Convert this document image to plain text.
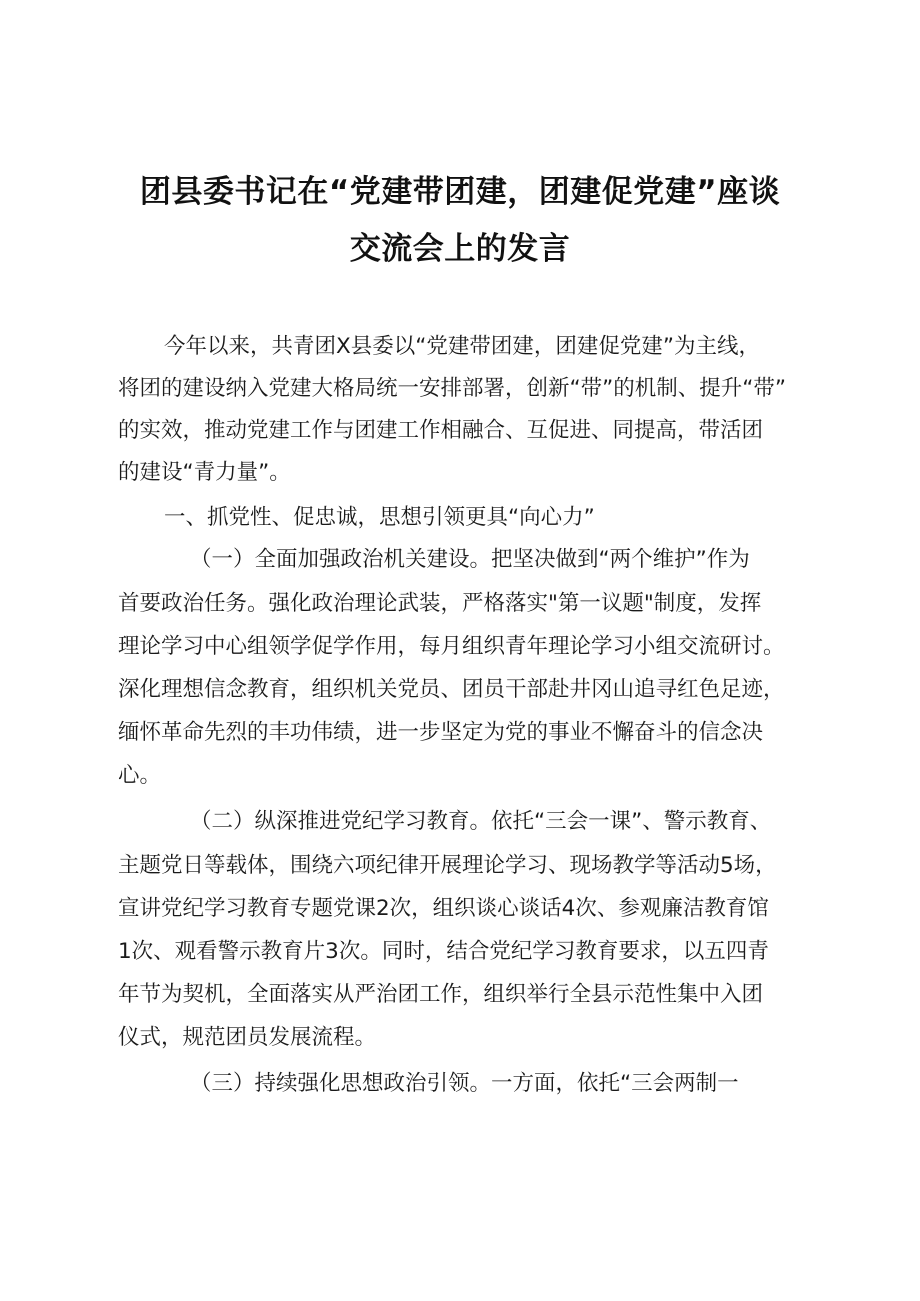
团县委书记在“党建带团建，团建促党建”座谈
交流会上的发言

今年以来，共青团X县委以“党建带团建，团建促党建”为主线，

将团的建设纳入党建大格局统一安排部署，创新“带”的机制、提升“带”

的实效，推动党建工作与团建工作相融合、互促进、同提高，带活团

的建设“青力量”。

一、抓党性、促忠诚，思想引领更具“向心力”

（一）全面加强政治机关建设。把坚决做到“两个维护”作为

首要政治任务。强化政治理论武装，严格落实"第一议题"制度，发挥

理论学习中心组领学促学作用，每月组织青年理论学习小组交流研讨。

深化理想信念教育，组织机关党员、团员干部赴井冈山追寻红色足迹，

缅怀革命先烈的丰功伟绩，进一步坚定为党的事业不懈奋斗的信念决

心。

（二）纵深推进党纪学习教育。依托“三会一课”、警示教育、

主题党日等载体，围绕六项纪律开展理论学习、现场教学等活动5场，

宣讲党纪学习教育专题党课2次，组织谈心谈话4次、参观廉洁教育馆

1次、观看警示教育片3次。同时，结合党纪学习教育要求，以五四青

年节为契机，全面落实从严治团工作，组织举行全县示范性集中入团

仪式，规范团员发展流程。

（三）持续强化思想政治引领。一方面，依托“三会两制一
